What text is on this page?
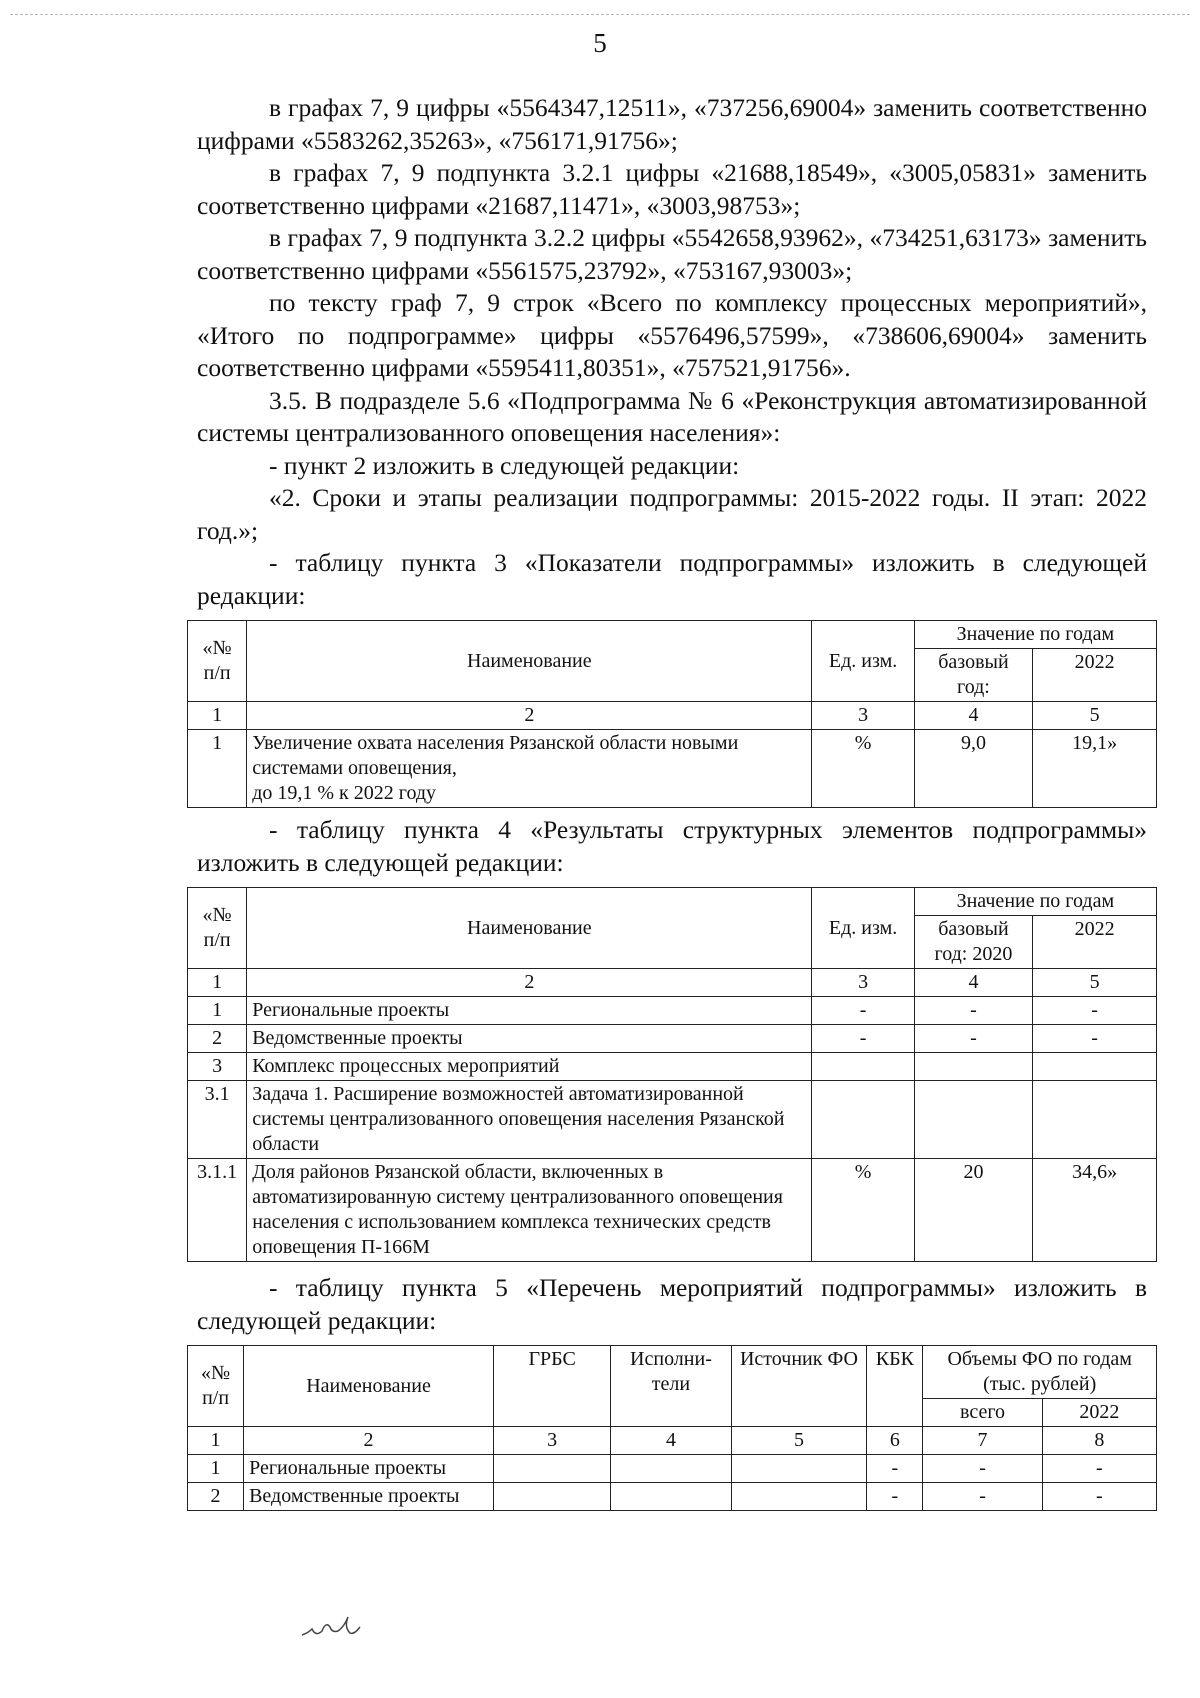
5

в графах 7, 9 цифры «5564347,12511», «737256,69004» заменить соответственно цифрами «5583262,35263», «756171,91756»;

в графах 7, 9 подпункта 3.2.1 цифры «21688,18549», «3005,05831» заменить соответственно цифрами «21687,11471», «3003,98753»;

в графах 7, 9 подпункта 3.2.2 цифры «5542658,93962», «734251,63173» заменить соответственно цифрами «5561575,23792», «753167,93003»;

по тексту граф 7, 9 строк «Всего по комплексу процессных мероприятий», «Итого по подпрограмме» цифры «5576496,57599», «738606,69004» заменить соответственно цифрами «5595411,80351», «757521,91756».

3.5. В подразделе 5.6 «Подпрограмма № 6 «Реконструкция автоматизированной системы централизованного оповещения населения»:

- пункт 2 изложить в следующей редакции:

«2. Сроки и этапы реализации подпрограммы: 2015-2022 годы. II этап: 2022 год.»;

- таблицу пункта 3 «Показатели подпрограммы» изложить в следующей редакции:

«№ п/п	Наименование	Ед. изм.	Значение по годам	
			базовый год:	2022
1	2	3	4	5
1	Увеличение охвата населения Рязанской области новыми системами оповещения,
до 19,1 % к 2022 году	%	9,0	19,1»

- таблицу пункта 4 «Результаты структурных элементов подпрограммы» изложить в следующей редакции:

«№ п/п	Наименование	Ед. изм.	Значение по годам	
			базовый год: 2020	2022
1	2	3	4	5
1	Региональные проекты	-	-	-
2	Ведомственные проекты	-	-	-
3	Комплекс процессных мероприятий			
3.1	Задача 1. Расширение возможностей автоматизированной системы централизованного оповещения населения Рязанской области			
3.1.1	Доля районов Рязанской области, включенных в автоматизированную систему централизованного оповещения населения с использованием комплекса технических средств оповещения П-166М	%	20	34,6»

- таблицу пункта 5 «Перечень мероприятий подпрограммы» изложить в следующей редакции:

«№ п/п	Наименование	ГРБС	Исполни-тели	Источник ФО	КБК	Объемы ФО по годам (тыс. рублей)	
						всего	2022
1	2	3	4	5	6	7	8
1	Региональные проекты				-	-	-
2	Ведомственные проекты				-	-	-
